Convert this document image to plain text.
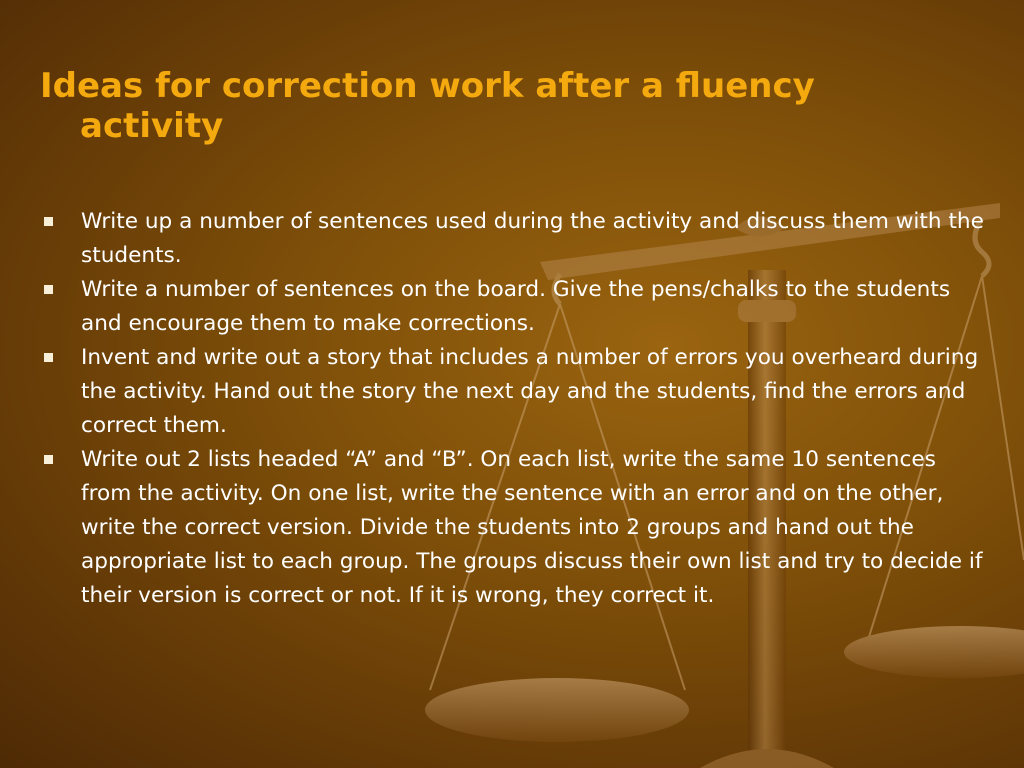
Ideas for correction work after a fluency activity
Write up a number of sentences used during the activity and discuss them with the students.
Write a number of sentences on the board. Give the pens/chalks to the students and encourage them to make corrections.
Invent and write out a story that includes a number of errors you overheard during the activity. Hand out the story the next day and the students, find the errors and correct them.
Write out 2 lists headed “A” and “B”. On each list, write the same 10 sentences from the activity. On one list, write the sentence with an error and on the other, write the correct version. Divide the students into 2 groups and hand out the appropriate list to each group. The groups discuss their own list and try to decide if their version is correct or not. If it is wrong, they correct it.
